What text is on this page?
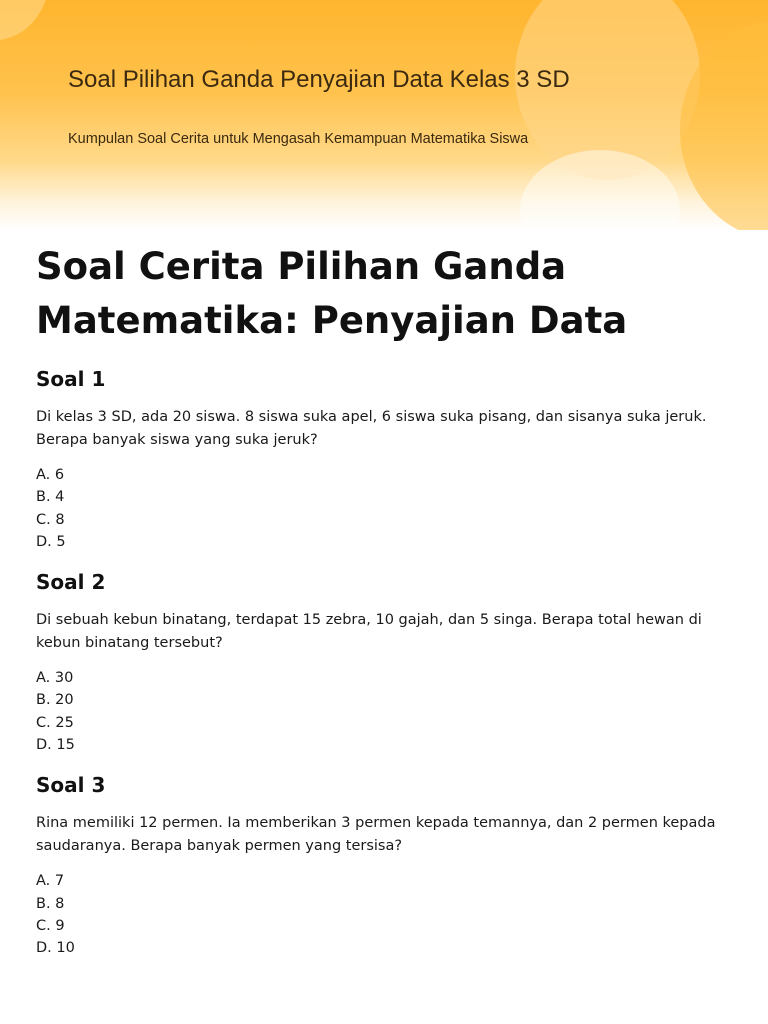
Soal Pilihan Ganda Penyajian Data Kelas 3 SD
Kumpulan Soal Cerita untuk Mengasah Kemampuan Matematika Siswa
Soal Cerita Pilihan Ganda Matematika: Penyajian Data
Soal 1

Di kelas 3 SD, ada 20 siswa. 8 siswa suka apel, 6 siswa suka pisang, dan sisanya suka jeruk. Berapa banyak siswa yang suka jeruk?

A. 6
B. 4
C. 8
D. 5
Soal 2

Di sebuah kebun binatang, terdapat 15 zebra, 10 gajah, dan 5 singa. Berapa total hewan di kebun binatang tersebut?

A. 30
B. 20
C. 25
D. 15
Soal 3

Rina memiliki 12 permen. Ia memberikan 3 permen kepada temannya, dan 2 permen kepada saudaranya. Berapa banyak permen yang tersisa?

A. 7
B. 8
C. 9
D. 10
